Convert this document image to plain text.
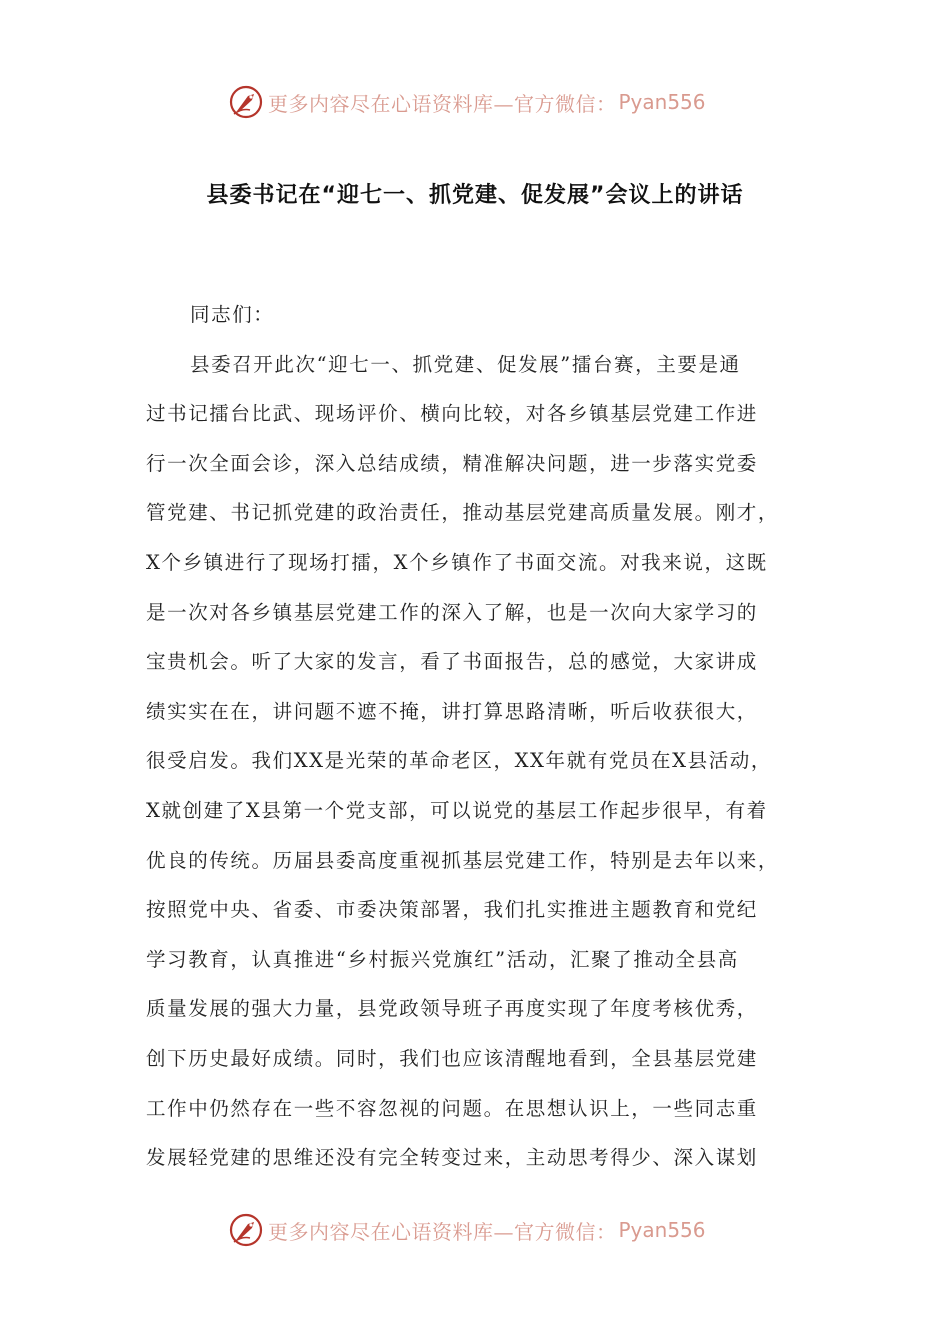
更多内容尽在心语资料库—官方微信： Pyan556
县委书记在“迎七一、抓党建、促发展”会议上的讲话
同志们：
县委召开此次“迎七一、抓党建、促发展”擂台赛，主要是通
过书记擂台比武、现场评价、横向比较，对各乡镇基层党建工作进
行一次全面会诊，深入总结成绩，精准解决问题，进一步落实党委
管党建、书记抓党建的政治责任，推动基层党建高质量发展。刚才，
X个乡镇进行了现场打擂，X个乡镇作了书面交流。对我来说，这既
是一次对各乡镇基层党建工作的深入了解，也是一次向大家学习的
宝贵机会。听了大家的发言，看了书面报告，总的感觉，大家讲成
绩实实在在，讲问题不遮不掩，讲打算思路清晰，听后收获很大，
很受启发。我们XX是光荣的革命老区，XX年就有党员在X县活动，
X就创建了X县第一个党支部，可以说党的基层工作起步很早，有着
优良的传统。历届县委高度重视抓基层党建工作，特别是去年以来，
按照党中央、省委、市委决策部署，我们扎实推进主题教育和党纪
学习教育，认真推进“乡村振兴党旗红”活动，汇聚了推动全县高
质量发展的强大力量，县党政领导班子再度实现了年度考核优秀，
创下历史最好成绩。同时，我们也应该清醒地看到，全县基层党建
工作中仍然存在一些不容忽视的问题。在思想认识上，一些同志重
发展轻党建的思维还没有完全转变过来，主动思考得少、深入谋划
更多内容尽在心语资料库—官方微信： Pyan556
